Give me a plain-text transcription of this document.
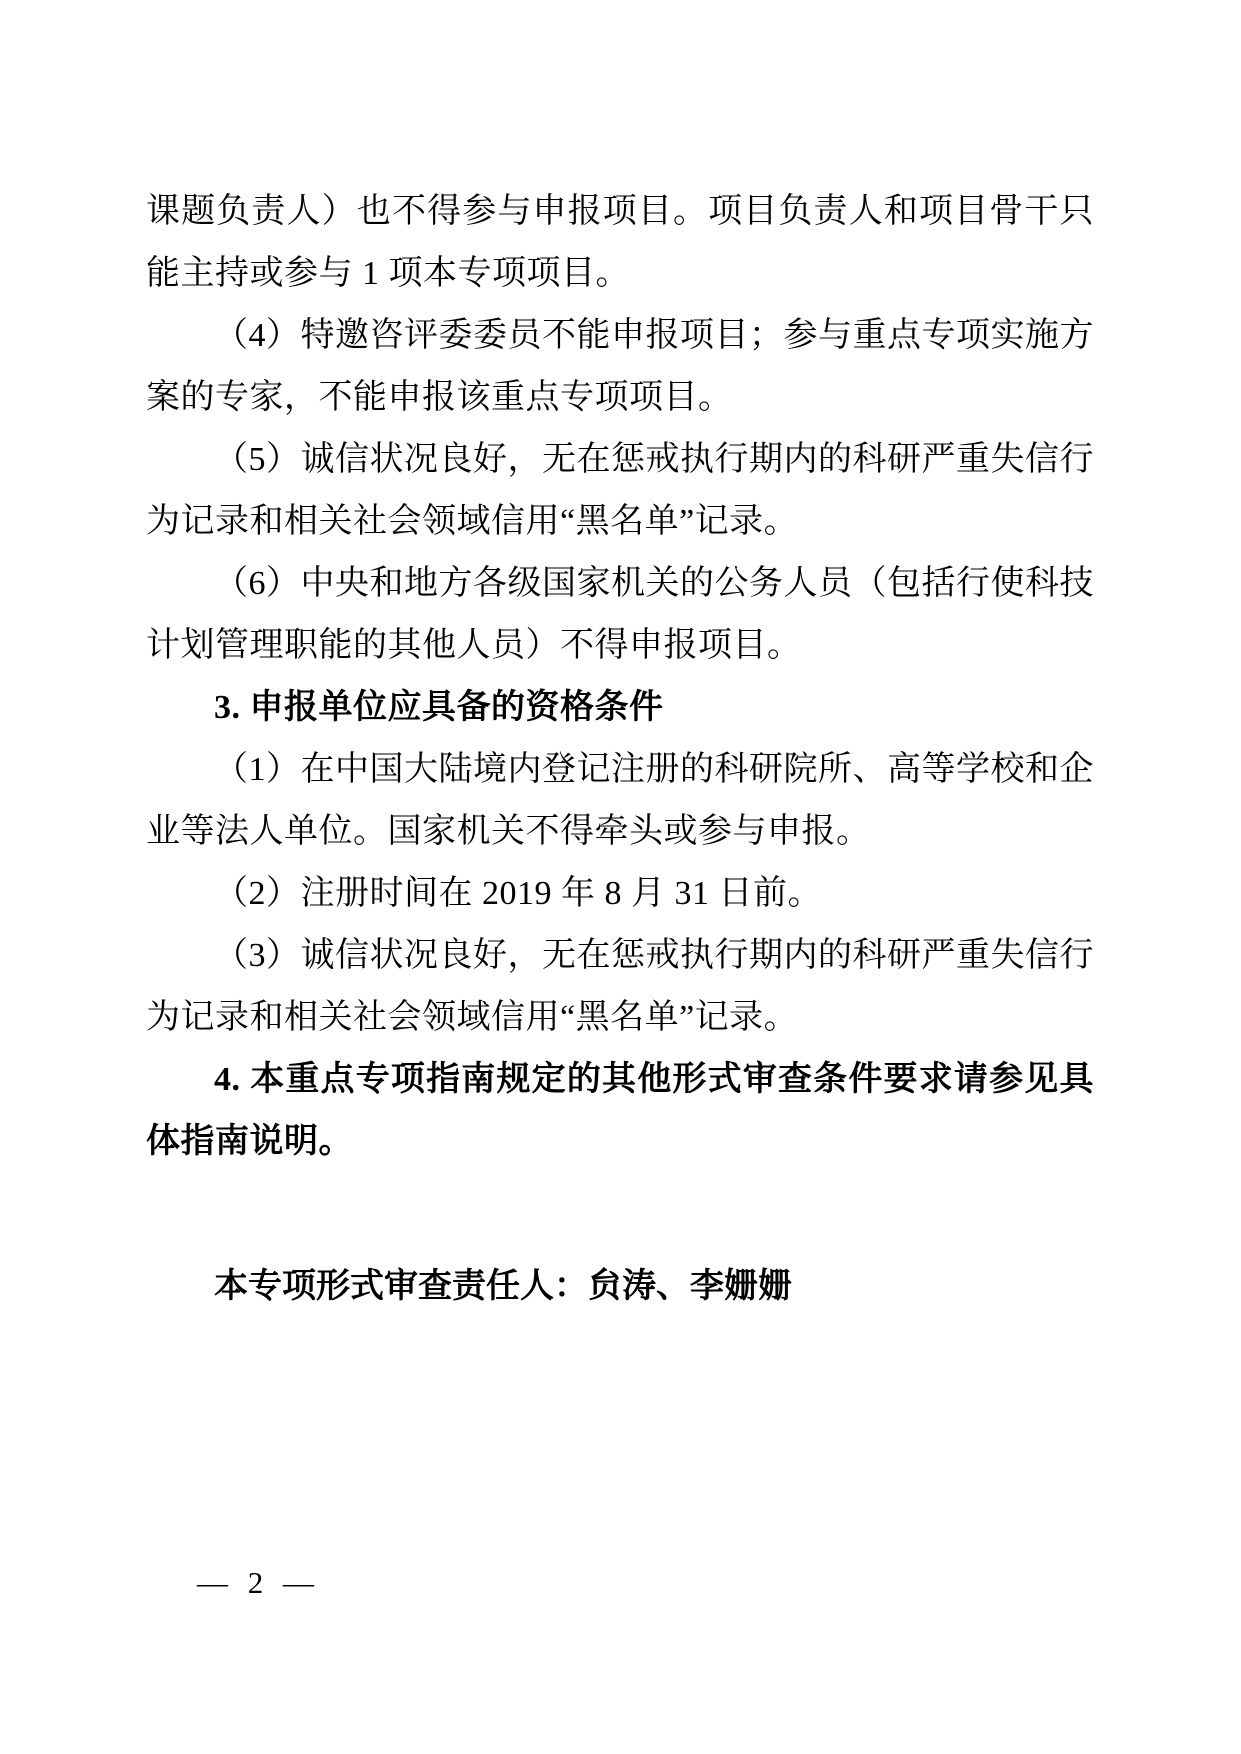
课题负责人）也不得参与申报项目。项目负责人和项目骨干只能主持或参与 1 项本专项项目。

（4）特邀咨评委委员不能申报项目；参与重点专项实施方案的专家，不能申报该重点专项项目。

（5）诚信状况良好，无在惩戒执行期内的科研严重失信行为记录和相关社会领域信用“黑名单”记录。

（6）中央和地方各级国家机关的公务人员（包括行使科技计划管理职能的其他人员）不得申报项目。

3. 申报单位应具备的资格条件

（1）在中国大陆境内登记注册的科研院所、高等学校和企业等法人单位。国家机关不得牵头或参与申报。

（2）注册时间在 2019 年 8 月 31 日前。

（3）诚信状况良好，无在惩戒执行期内的科研严重失信行为记录和相关社会领域信用“黑名单”记录。

4. 本重点专项指南规定的其他形式审查条件要求请参见具体指南说明。

本专项形式审查责任人：贠涛、李姗姗

— 2 —
